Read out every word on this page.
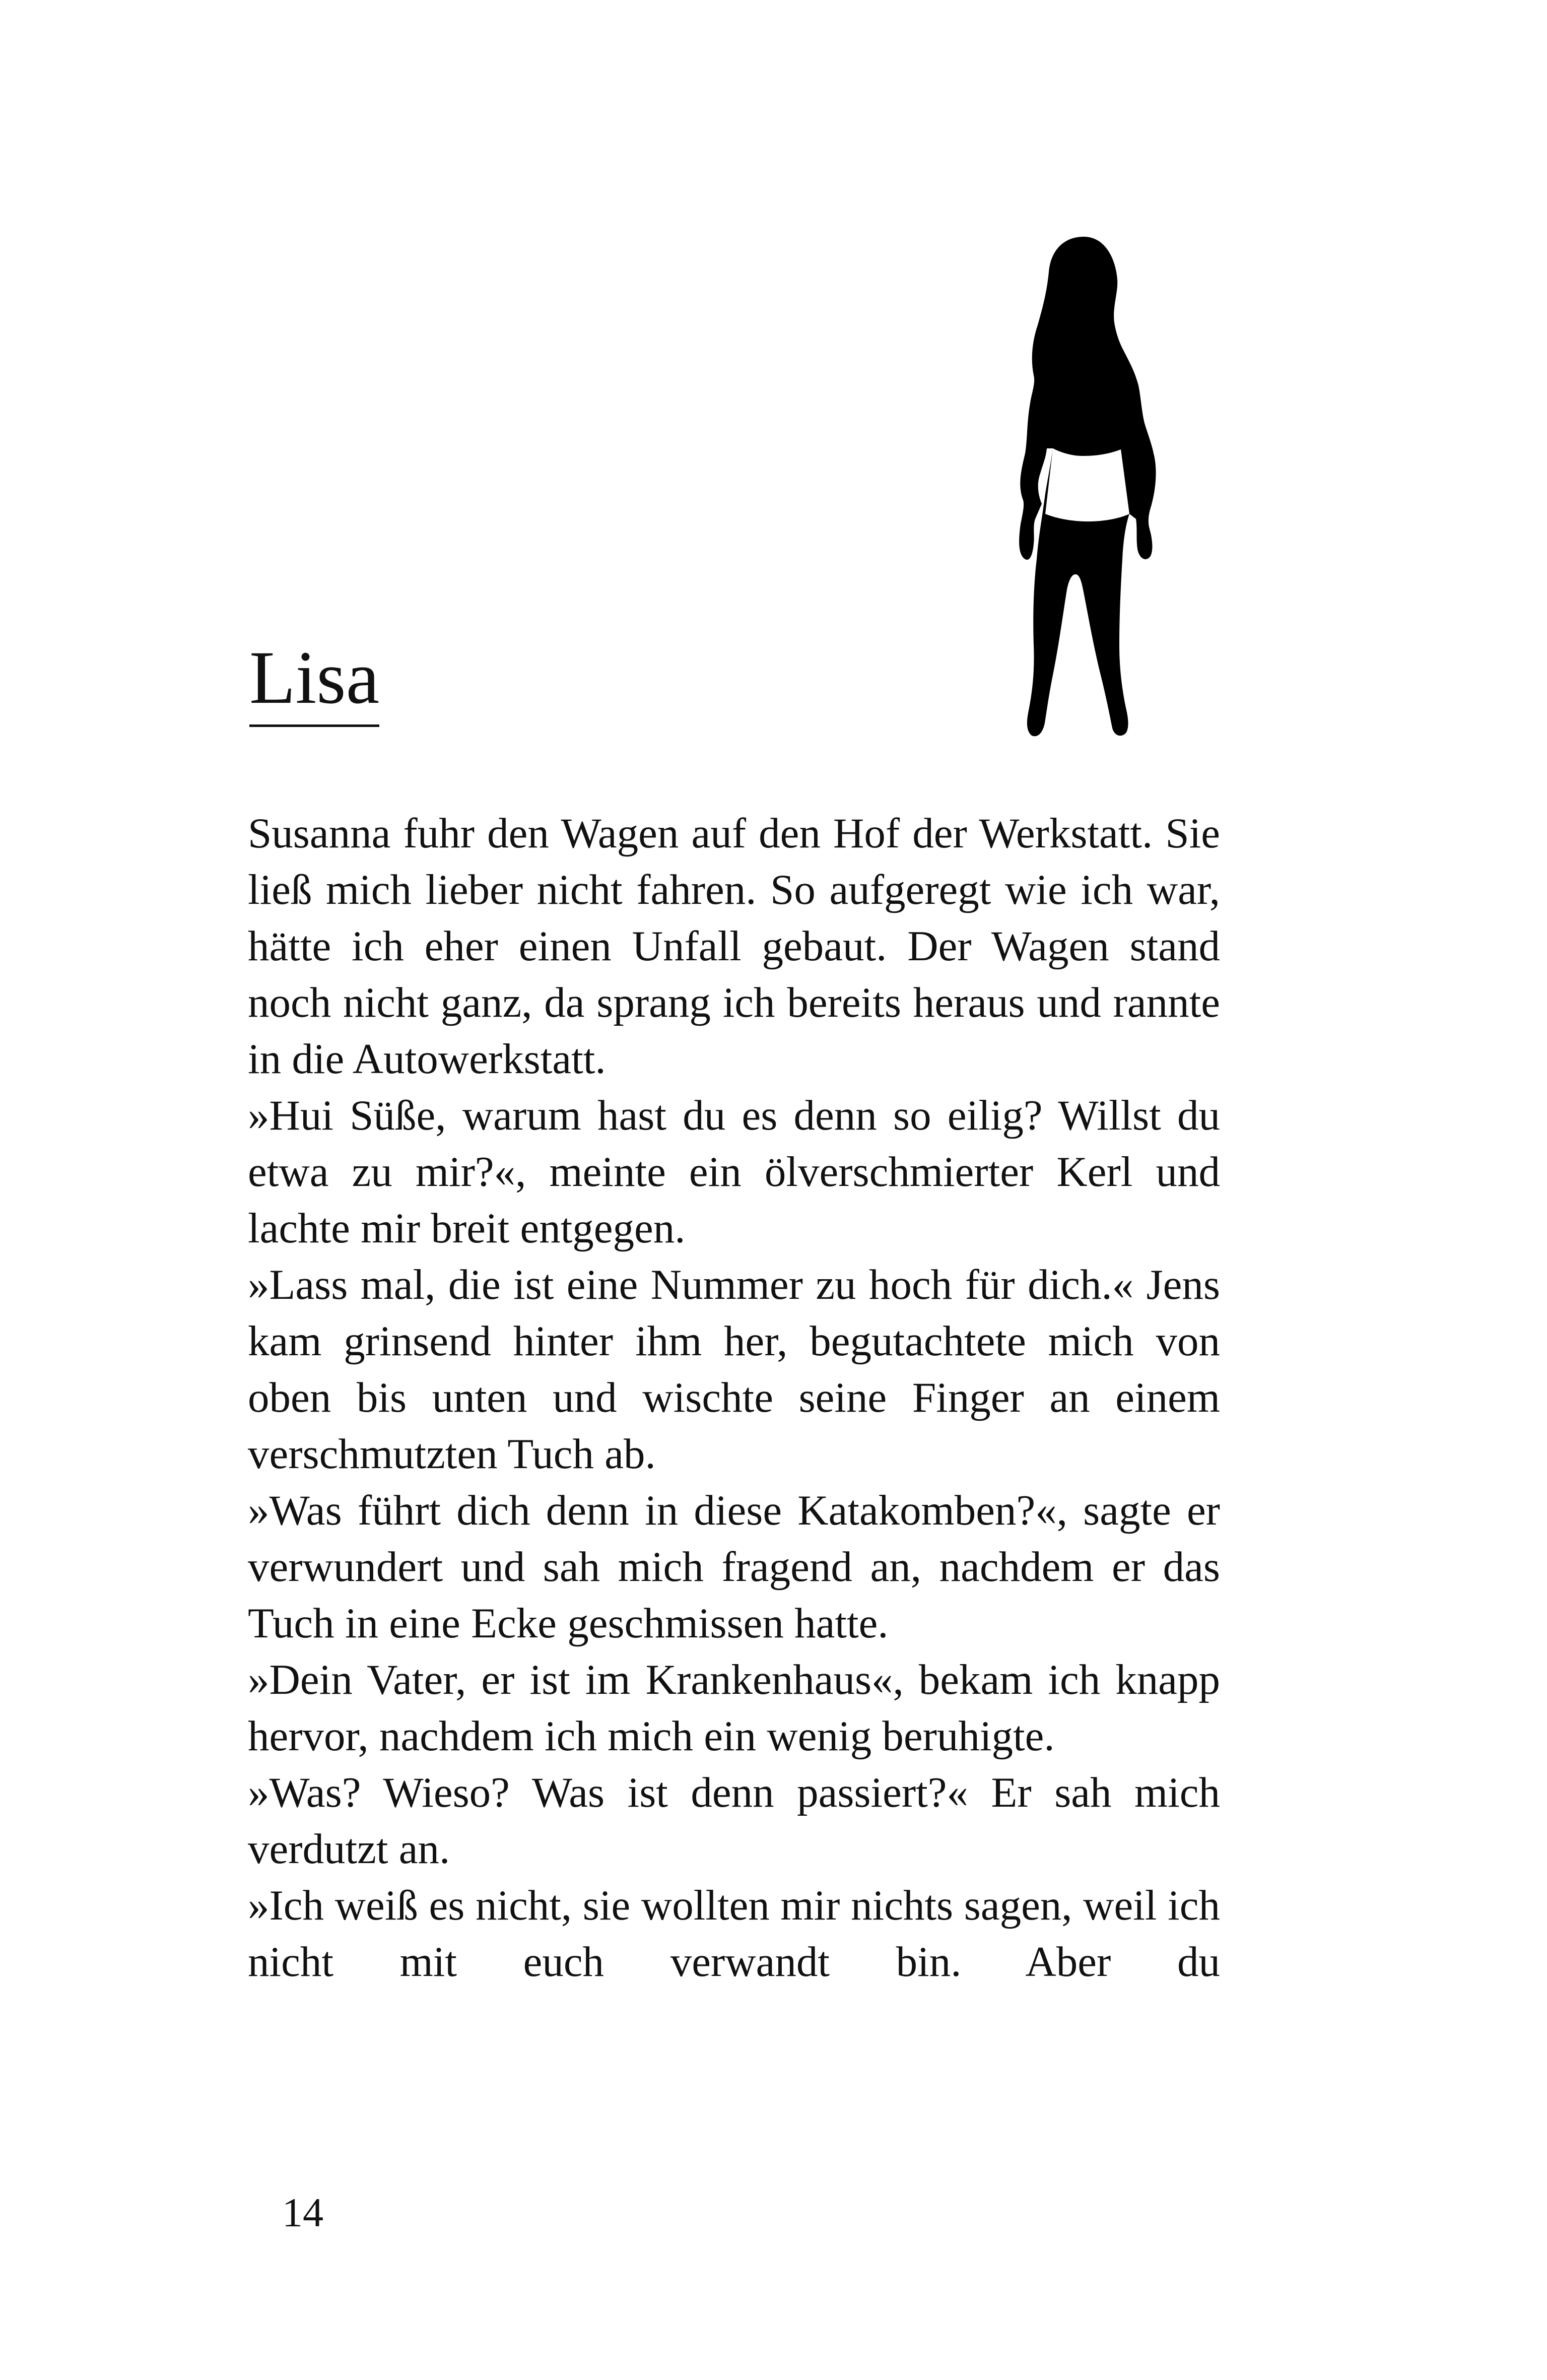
Lisa

Susanna fuhr den Wagen auf den Hof der Werkstatt. Sie ließ mich lieber nicht fahren. So aufgeregt wie ich war, hätte ich eher einen Unfall gebaut. Der Wagen stand noch nicht ganz, da sprang ich bereits heraus und rannte in die Autowerkstatt.

»Hui Süße, warum hast du es denn so eilig? Willst du etwa zu mir?«, meinte ein ölverschmierter Kerl und lachte mir breit entgegen.

»Lass mal, die ist eine Nummer zu hoch für dich.« Jens kam grinsend hinter ihm her, begutachtete mich von oben bis unten und wischte seine Finger an einem verschmutzten Tuch ab.

»Was führt dich denn in diese Katakomben?«, sagte er verwundert und sah mich fragend an, nachdem er das Tuch in eine Ecke geschmissen hatte.

»Dein Vater, er ist im Krankenhaus«, bekam ich knapp hervor, nachdem ich mich ein wenig beruhigte.

»Was? Wieso? Was ist denn passiert?« Er sah mich verdutzt an.

»Ich weiß es nicht, sie wollten mir nichts sagen, weil ich nicht mit euch verwandt bin. Aber du

14
